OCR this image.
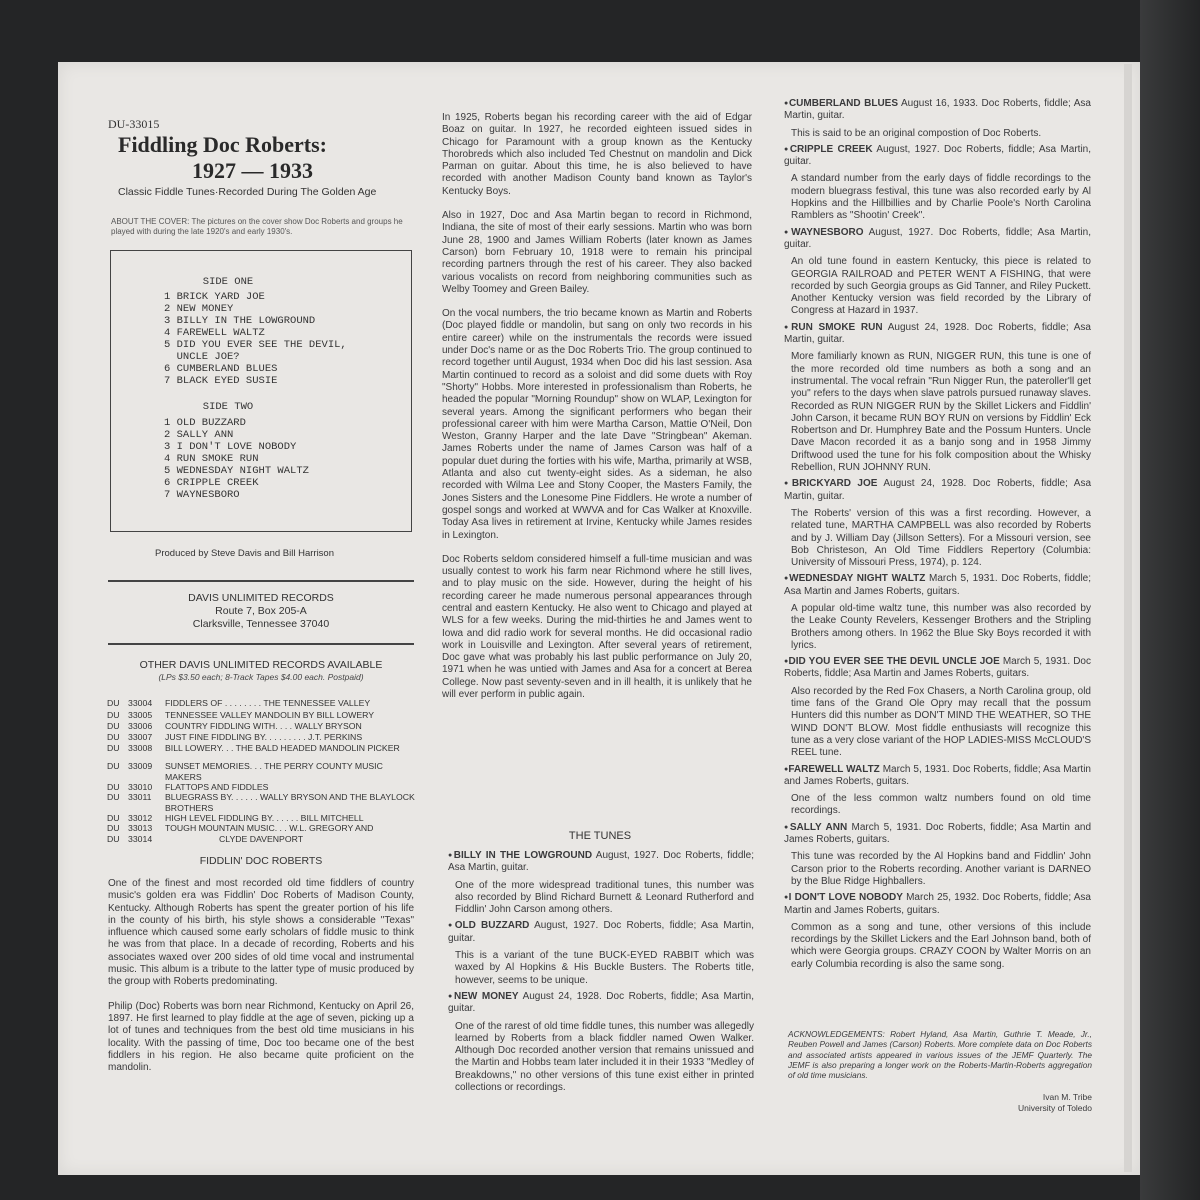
DU-33015
Fiddling Doc Roberts:
1927 — 1933
Classic Fiddle Tunes·Recorded During The Golden Age
ABOUT THE COVER: The pictures on the cover show Doc Roberts and groups he played with during the late 1920's and early 1930's.
SIDE ONE
1 BRICK YARD JOE
2 NEW MONEY
3 BILLY IN THE LOWGROUND
4 FAREWELL WALTZ
5 DID YOU EVER SEE THE DEVIL,
UNCLE JOE?
6 CUMBERLAND BLUES
7 BLACK EYED SUSIE
SIDE TWO
1 OLD BUZZARD
2 SALLY ANN
3 I DON'T LOVE NOBODY
4 RUN SMOKE RUN
5 WEDNESDAY NIGHT WALTZ
6 CRIPPLE CREEK
7 WAYNESBORO
Produced by Steve Davis and Bill Harrison
DAVIS UNLIMITED RECORDS
Route 7, Box 205-A
Clarksville, Tennessee 37040
OTHER DAVIS UNLIMITED RECORDS AVAILABLE
(LPs $3.50 each; 8-Track Tapes $4.00 each. Postpaid)
DU 33004 FIDDLERS OF . . . . . . . . THE TENNESSEE VALLEY
DU 33005 TENNESSEE VALLEY MANDOLIN BY BILL LOWERY
DU 33006 COUNTRY FIDDLING WITH. . . . WALLY BRYSON
DU 33007 JUST FINE FIDDLING BY. . . . . . . . . J.T. PERKINS
DU 33008 BILL LOWERY. . . THE BALD HEADED MANDOLIN PICKER
DU 33009 SUNSET MEMORIES. . . THE PERRY COUNTY MUSIC MAKERS
DU 33010 FLATTOPS AND FIDDLES
DU 33011 BLUEGRASS BY. . . . . . WALLY BRYSON AND THE BLAYLOCK BROTHERS
DU 33012 HIGH LEVEL FIDDLING BY. . . . . . BILL MITCHELL
DU 33013 TOUGH MOUNTAIN MUSIC. . . W.L. GREGORY AND
DU 33014	CLYDE DAVENPORT
FIDDLIN' DOC ROBERTS

One of the finest and most recorded old time fiddlers of country music's golden era was Fiddlin' Doc Roberts of Madison County, Kentucky. Although Roberts has spent the greater portion of his life in the county of his birth, his style shows a considerable "Texas" influence which caused some early scholars of fiddle music to think he was from that place. In a decade of recording, Roberts and his associates waxed over 200 sides of old time vocal and instrumental music. This album is a tribute to the latter type of music produced by the group with Roberts predominating.

Philip (Doc) Roberts was born near Richmond, Kentucky on April 26, 1897. He first learned to play fiddle at the age of seven, picking up a lot of tunes and techniques from the best old time musicians in his locality. With the passing of time, Doc too became one of the best fiddlers in his region. He also became quite proficient on the mandolin.

In 1925, Roberts began his recording career with the aid of Edgar Boaz on guitar. In 1927, he recorded eighteen issued sides in Chicago for Paramount with a group known as the Kentucky Thorobreds which also included Ted Chestnut on mandolin and Dick Parman on guitar. About this time, he is also believed to have recorded with another Madison County band known as Taylor's Kentucky Boys.

Also in 1927, Doc and Asa Martin began to record in Richmond, Indiana, the site of most of their early sessions. Martin who was born June 28, 1900 and James William Roberts (later known as James Carson) born February 10, 1918 were to remain his principal recording partners through the rest of his career. They also backed various vocalists on record from neighboring communities such as Welby Toomey and Green Bailey.

On the vocal numbers, the trio became known as Martin and Roberts (Doc played fiddle or mandolin, but sang on only two records in his entire career) while on the instrumentals the records were issued under Doc's name or as the Doc Roberts Trio. The group continued to record together until August, 1934 when Doc did his last session. Asa Martin continued to record as a soloist and did some duets with Roy "Shorty" Hobbs. More interested in professionalism than Roberts, he headed the popular "Morning Roundup" show on WLAP, Lexington for several years. Among the significant performers who began their professional career with him were Martha Carson, Mattie O'Neil, Don Weston, Granny Harper and the late Dave "Stringbean" Akeman. James Roberts under the name of James Carson was half of a popular duet during the forties with his wife, Martha, primarily at WSB, Atlanta and also cut twenty-eight sides. As a sideman, he also recorded with Wilma Lee and Stony Cooper, the Masters Family, the Jones Sisters and the Lonesome Pine Fiddlers. He wrote a number of gospel songs and worked at WWVA and for Cas Walker at Knoxville. Today Asa lives in retirement at Irvine, Kentucky while James resides in Lexington.

Doc Roberts seldom considered himself a full-time musician and was usually contest to work his farm near Richmond where he still lives, and to play music on the side. However, during the height of his recording career he made numerous personal appearances through central and eastern Kentucky. He also went to Chicago and played at WLS for a few weeks. During the mid-thirties he and James went to Iowa and did radio work for several months. He did occasional radio work in Louisville and Lexington. After several years of retirement, Doc gave what was probably his last public performance on July 20, 1971 when he was untied with James and Asa for a concert at Berea College. Now past seventy-seven and in ill health, it is unlikely that he will ever perform in public again.

THE TUNES

●BILLY IN THE LOWGROUND August, 1927. Doc Roberts, fiddle; Asa Martin, guitar.

One of the more widespread traditional tunes, this number was also recorded by Blind Richard Burnett & Leonard Rutherford and Fiddlin' John Carson among others.

●OLD BUZZARD August, 1927. Doc Roberts, fiddle; Asa Martin, guitar.

This is a variant of the tune BUCK-EYED RABBIT which was waxed by Al Hopkins & His Buckle Busters. The Roberts title, however, seems to be unique.

●NEW MONEY August 24, 1928. Doc Roberts, fiddle; Asa Martin, guitar.

One of the rarest of old time fiddle tunes, this number was allegedly learned by Roberts from a black fiddler named Owen Walker. Although Doc recorded another version that remains unissued and the Martin and Hobbs team later included it in their 1933 "Medley of Breakdowns," no other versions of this tune exist either in printed collections or recordings.

●CUMBERLAND BLUES August 16, 1933. Doc Roberts, fiddle; Asa Martin, guitar.

This is said to be an original compostion of Doc Roberts.

●CRIPPLE CREEK August, 1927. Doc Roberts, fiddle; Asa Martin, guitar.

A standard number from the early days of fiddle recordings to the modern bluegrass festival, this tune was also recorded early by Al Hopkins and the Hillbillies and by Charlie Poole's North Carolina Ramblers as "Shootin' Creek".

●WAYNESBORO August, 1927. Doc Roberts, fiddle; Asa Martin, guitar.

An old tune found in eastern Kentucky, this piece is related to GEORGIA RAILROAD and PETER WENT A FISHING, that were recorded by such Georgia groups as Gid Tanner, and Riley Puckett. Another Kentucky version was field recorded by the Library of Congress at Hazard in 1937.

●RUN SMOKE RUN August 24, 1928. Doc Roberts, fiddle; Asa Martin, guitar.

More familiarly known as RUN, NIGGER RUN, this tune is one of the more recorded old time numbers as both a song and an instrumental. The vocal refrain "Run Nigger Run, the pateroller'll get you" refers to the days when slave patrols pursued runaway slaves. Recorded as RUN NIGGER RUN by the Skillet Lickers and Fiddlin' John Carson, it became RUN BOY RUN on versions by Fiddlin' Eck Robertson and Dr. Humphrey Bate and the Possum Hunters. Uncle Dave Macon recorded it as a banjo song and in 1958 Jimmy Driftwood used the tune for his folk composition about the Whisky Rebellion, RUN JOHNNY RUN.

●BRICKYARD JOE August 24, 1928. Doc Roberts, fiddle; Asa Martin, guitar.

The Roberts' version of this was a first recording. However, a related tune, MARTHA CAMPBELL was also recorded by Roberts and by J. William Day (Jillson Setters). For a Missouri version, see Bob Christeson, An Old Time Fiddlers Repertory (Columbia: University of Missouri Press, 1974), p. 124.

●WEDNESDAY NIGHT WALTZ March 5, 1931. Doc Roberts, fiddle; Asa Martin and James Roberts, guitars.

A popular old-time waltz tune, this number was also recorded by the Leake County Revelers, Kessenger Brothers and the Stripling Brothers among others. In 1962 the Blue Sky Boys recorded it with lyrics.

●DID YOU EVER SEE THE DEVIL UNCLE JOE March 5, 1931. Doc Roberts, fiddle; Asa Martin and James Roberts, guitars.

Also recorded by the Red Fox Chasers, a North Carolina group, old time fans of the Grand Ole Opry may recall that the possum Hunters did this number as DON'T MIND THE WEATHER, SO THE WIND DON'T BLOW. Most fiddle enthusiasts will recognize this tune as a very close variant of the HOP LADIES-MISS McCLOUD'S REEL tune.

●FAREWELL WALTZ March 5, 1931. Doc Roberts, fiddle; Asa Martin and James Roberts, guitars.

One of the less common waltz numbers found on old time recordings.

●SALLY ANN March 5, 1931. Doc Roberts, fiddle; Asa Martin and James Roberts, guitars.

This tune was recorded by the Al Hopkins band and Fiddlin' John Carson prior to the Roberts recording. Another variant is DARNEO by the Blue Ridge Highballers.

●I DON'T LOVE NOBODY March 25, 1932. Doc Roberts, fiddle; Asa Martin and James Roberts, guitars.

Common as a song and tune, other versions of this include recordings by the Skillet Lickers and the Earl Johnson band, both of which were Georgia groups. CRAZY COON by Walter Morris on an early Columbia recording is also the same song.

ACKNOWLEDGEMENTS: Robert Hyland, Asa Martin, Guthrie T. Meade, Jr., Reuben Powell and James (Carson) Roberts. More complete data on Doc Roberts and associated artists appeared in various issues of the JEMF Quarterly. The JEMF is also preparing a longer work on the Roberts-Martin-Roberts aggregation of old time musicians.

Ivan M. Tribe

University of Toledo
